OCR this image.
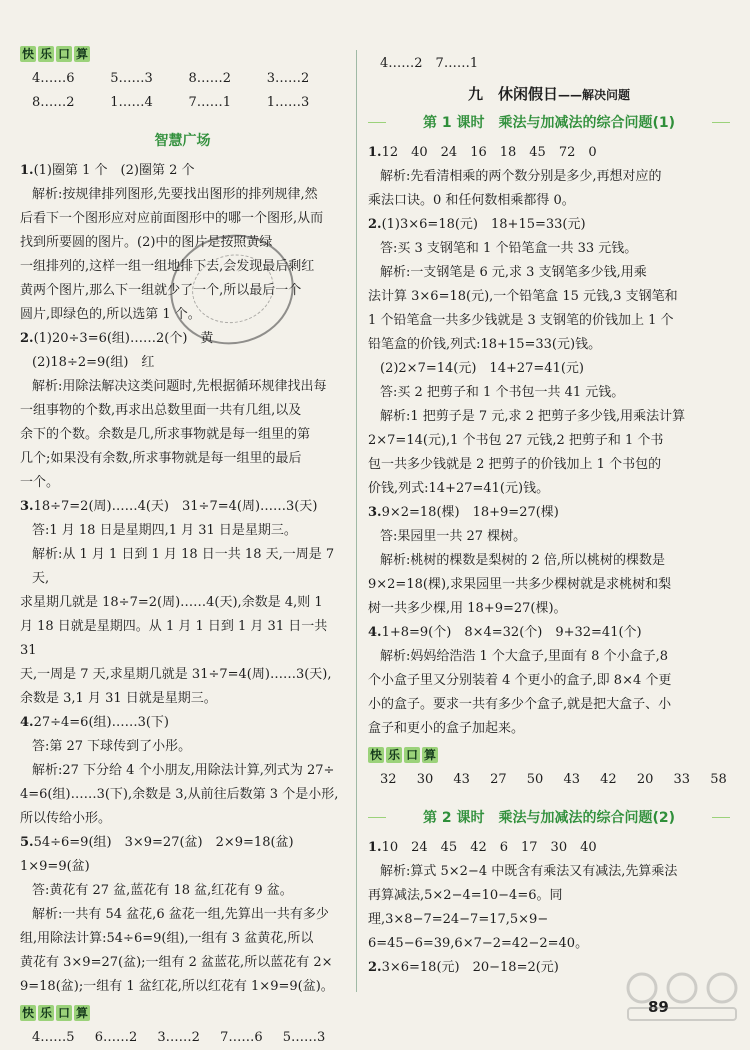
快 乐 口 算
4……6	5……3	8……2	3……2
8……2	1……4	7……1	1……3
智慧广场
1.(1)圈第 1 个　(2)圈第 2 个
解析:按规律排列图形,先要找出图形的排列规律,然
后看下一个图形应对应前面图形中的哪一个图形,从而
找到所要圆的图片。(2)中的图片是按照黄绿
一组排列的,这样一组一组地排下去,会发现最后剩红
黄两个图片,那么下一组就少了一个,所以最后一个
圆片,即绿色的,所以选第 1 个。
2.(1)20÷3=6(组)……2(个)　黄
(2)18÷2=9(组)　红
解析:用除法解决这类问题时,先根据循环规律找出每
一组事物的个数,再求出总数里面一共有几组,以及
余下的个数。余数是几,所求事物就是每一组里的第
几个;如果没有余数,所求事物就是每一组里的最后
一个。
3.18÷7=2(周)……4(天)　31÷7=4(周)……3(天)
答:1 月 18 日是星期四,1 月 31 日是星期三。
解析:从 1 月 1 日到 1 月 18 日一共 18 天,一周是 7 天,
求星期几就是 18÷7=2(周)……4(天),余数是 4,则 1
月 18 日就是星期四。从 1 月 1 日到 1 月 31 日一共 31
天,一周是 7 天,求星期几就是 31÷7=4(周)……3(天),
余数是 3,1 月 31 日就是星期三。
4.27÷4=6(组)……3(下)
答:第 27 下球传到了小彤。
解析:27 下分给 4 个小朋友,用除法计算,列式为 27÷
4=6(组)……3(下),余数是 3,从前往后数第 3 个是小形,
所以传给小形。
5.54÷6=9(组)　3×9=27(盆)　2×9=18(盆)　1×9=9(盆)
答:黄花有 27 盆,蓝花有 18 盆,红花有 9 盆。
解析:一共有 54 盆花,6 盆花一组,先算出一共有多少
组,用除法计算:54÷6=9(组),一组有 3 盆黄花,所以
黄花有 3×9=27(盆);一组有 2 盆蓝花,所以蓝花有 2×
9=18(盆);一组有 1 盆红花,所以红花有 1×9=9(盆)。
快 乐 口 算
4……5 6……2 3……2 7……6 5……3
4……2　7……1
九　休闲假日——解决问题
第 1 课时　乘法与加减法的综合问题(1)
1.12　40　24　16　18　45　72　0
解析:先看清相乘的两个数分别是多少,再想对应的
乘法口诀。0 和任何数相乘都得 0。
2.(1)3×6=18(元)　18+15=33(元)
答:买 3 支钢笔和 1 个铅笔盒一共 33 元钱。
解析:一支钢笔是 6 元,求 3 支钢笔多少钱,用乘
法计算 3×6=18(元),一个铅笔盒 15 元钱,3 支钢笔和
1 个铅笔盒一共多少钱就是 3 支钢笔的价钱加上 1 个
铅笔盒的价钱,列式:18+15=33(元)钱。
(2)2×7=14(元)　14+27=41(元)
答:买 2 把剪子和 1 个书包一共 41 元钱。
解析:1 把剪子是 7 元,求 2 把剪子多少钱,用乘法计算
2×7=14(元),1 个书包 27 元钱,2 把剪子和 1 个书
包一共多少钱就是 2 把剪子的价钱加上 1 个书包的
价钱,列式:14+27=41(元)钱。
3.9×2=18(棵)　18+9=27(棵)
答:果园里一共 27 棵树。
解析:桃树的棵数是梨树的 2 倍,所以桃树的棵数是
9×2=18(棵),求果园里一共多少棵树就是求桃树和梨
树一共多少棵,用 18+9=27(棵)。
4.1+8=9(个)　8×4=32(个)　9+32=41(个)
解析:妈妈给浩浩 1 个大盒子,里面有 8 个小盒子,8
个小盒子里又分别装着 4 个更小的盒子,即 8×4 个更
小的盒子。要求一共有多少个盒子,就是把大盒子、小
盒子和更小的盒子加起来。
快 乐 口 算
32 30 43 27 50 43 42 20 33 58
第 2 课时　乘法与加减法的综合问题(2)
1.10　24　45　42　6　17　30　40
解析:算式 5×2−4 中既含有乘法又有减法,先算乘法
再算减法,5×2−4=10−4=6。同理,3×8−7=24−7=17,5×9−
6=45−6=39,6×7−2=42−2=40。
2.3×6=18(元)　20−18=2(元)
89
